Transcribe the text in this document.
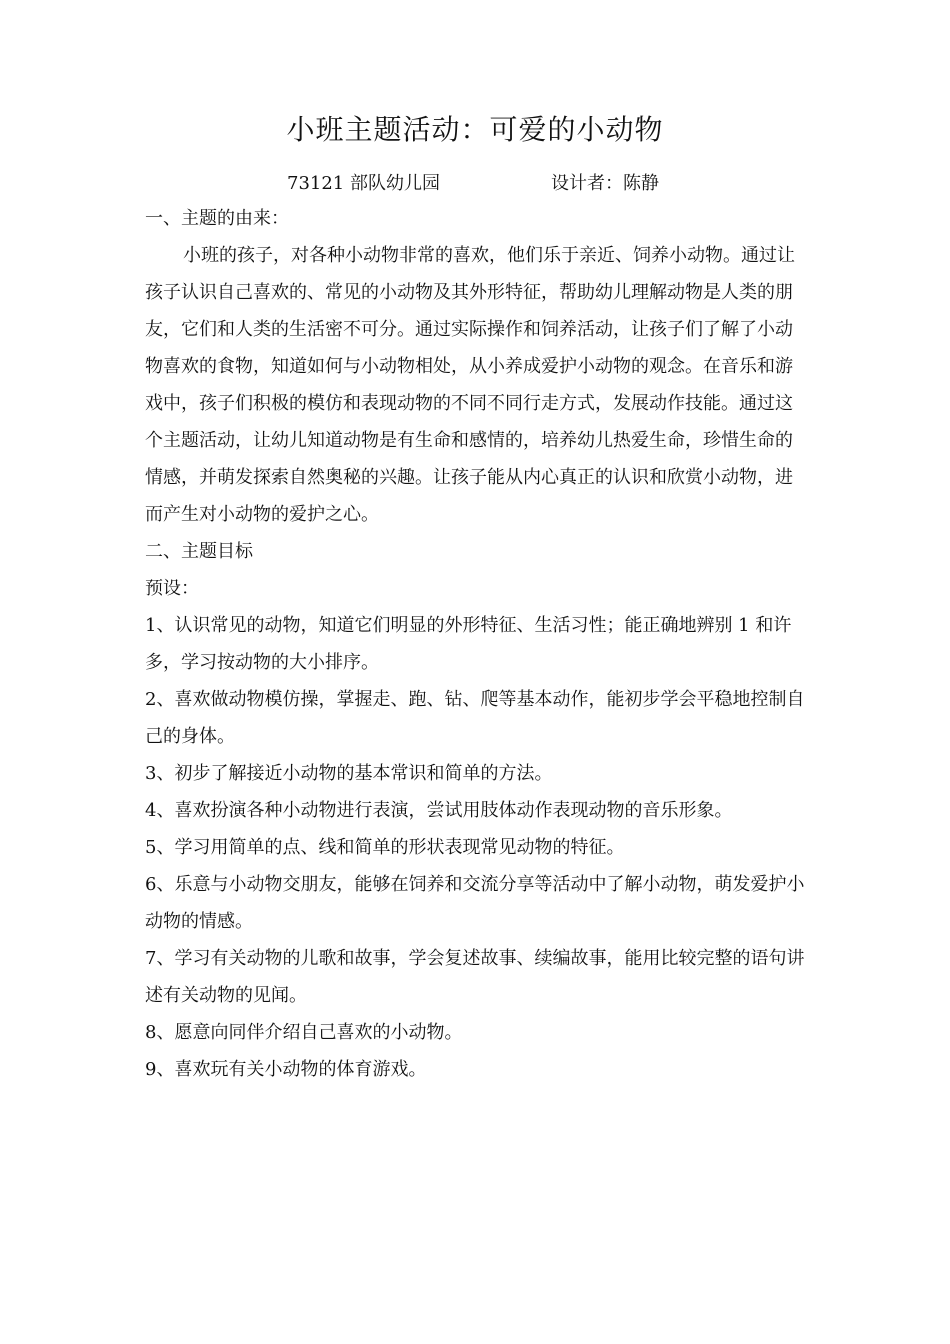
小班主题活动：可爱的小动物
73121 部队幼儿园	设计者：陈静

一、主题的由来：

小班的孩子，对各种小动物非常的喜欢，他们乐于亲近、饲养小动物。通过让孩子认识自己喜欢的、常见的小动物及其外形特征，帮助幼儿理解动物是人类的朋友，它们和人类的生活密不可分。通过实际操作和饲养活动，让孩子们了解了小动物喜欢的食物，知道如何与小动物相处，从小养成爱护小动物的观念。在音乐和游戏中，孩子们积极的模仿和表现动物的不同不同行走方式，发展动作技能。通过这个主题活动，让幼儿知道动物是有生命和感情的，培养幼儿热爱生命，珍惜生命的情感，并萌发探索自然奥秘的兴趣。让孩子能从内心真正的认识和欣赏小动物，进而产生对小动物的爱护之心。

二、主题目标

预设：

1、认识常见的动物，知道它们明显的外形特征、生活习性；能正确地辨别 1 和许多，学习按动物的大小排序。

2、喜欢做动物模仿操，掌握走、跑、钻、爬等基本动作，能初步学会平稳地控制自己的身体。

3、初步了解接近小动物的基本常识和简单的方法。

4、喜欢扮演各种小动物进行表演，尝试用肢体动作表现动物的音乐形象。

5、学习用简单的点、线和简单的形状表现常见动物的特征。

6、乐意与小动物交朋友，能够在饲养和交流分享等活动中了解小动物，萌发爱护小动物的情感。

7、学习有关动物的儿歌和故事，学会复述故事、续编故事，能用比较完整的语句讲述有关动物的见闻。

8、愿意向同伴介绍自己喜欢的小动物。

9、喜欢玩有关小动物的体育游戏。
